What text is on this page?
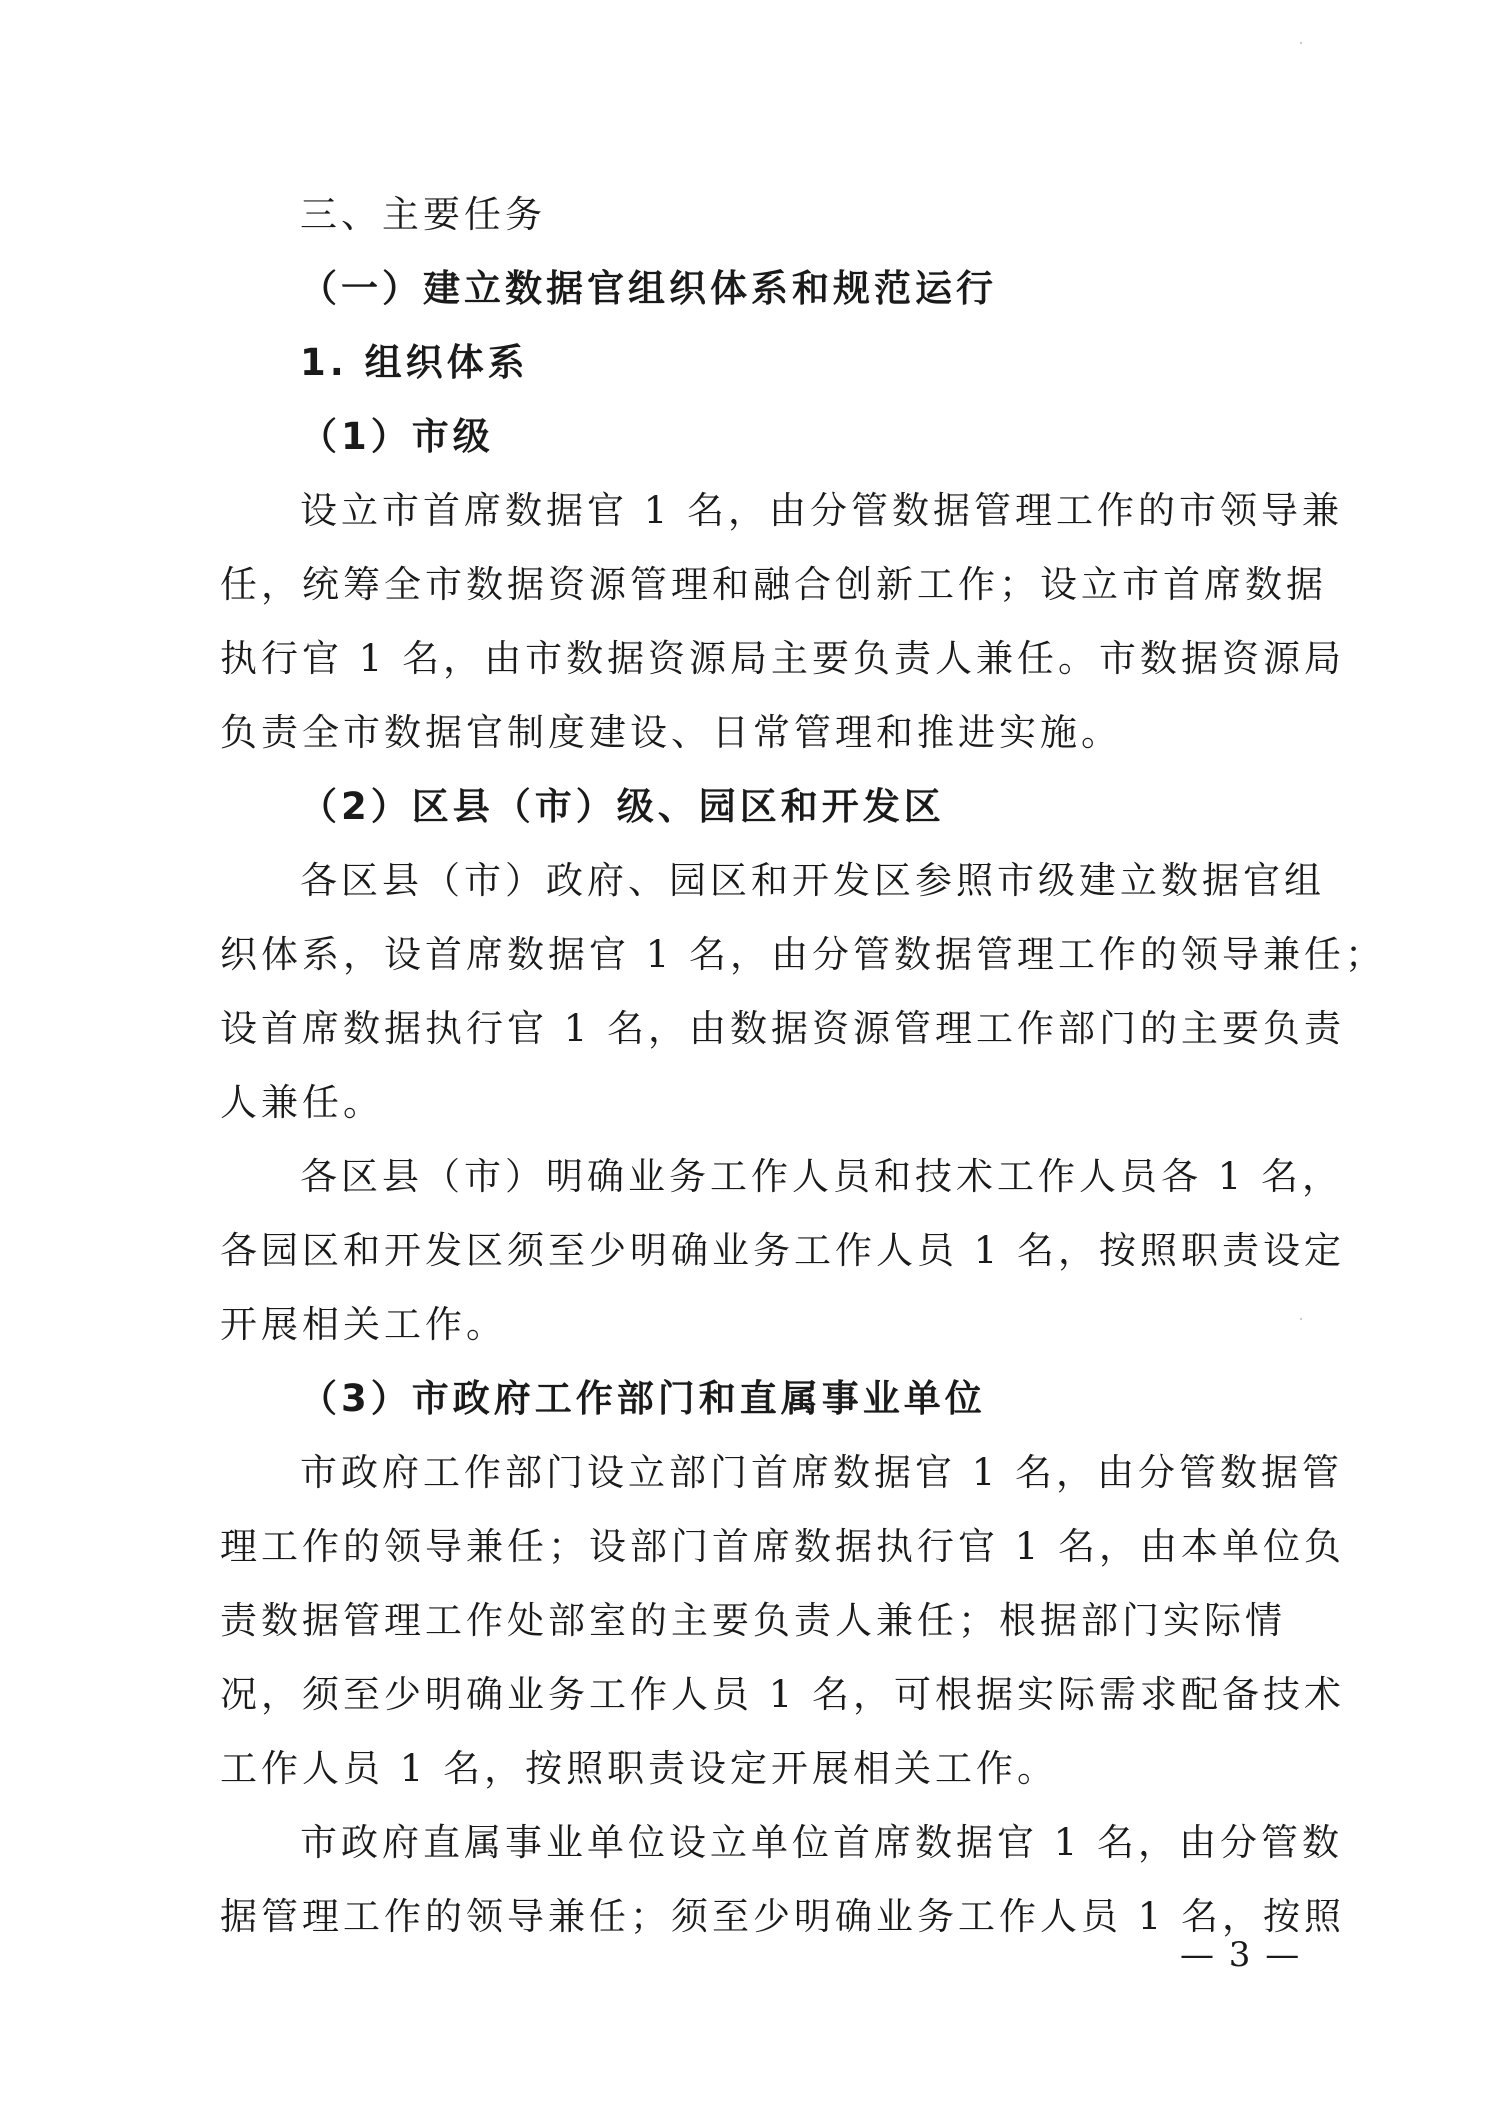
三、主要任务

（一）建立数据官组织体系和规范运行

1. 组织体系

（1）市级

设立市首席数据官 1 名，由分管数据管理工作的市领导兼
任，统筹全市数据资源管理和融合创新工作；设立市首席数据
执行官 1 名，由市数据资源局主要负责人兼任。市数据资源局
负责全市数据官制度建设、日常管理和推进实施。

（2）区县（市）级、园区和开发区

各区县（市）政府、园区和开发区参照市级建立数据官组
织体系，设首席数据官 1 名，由分管数据管理工作的领导兼任；
设首席数据执行官 1 名，由数据资源管理工作部门的主要负责
人兼任。

各区县（市）明确业务工作人员和技术工作人员各 1 名，
各园区和开发区须至少明确业务工作人员 1 名，按照职责设定
开展相关工作。

（3）市政府工作部门和直属事业单位

市政府工作部门设立部门首席数据官 1 名，由分管数据管
理工作的领导兼任；设部门首席数据执行官 1 名，由本单位负
责数据管理工作处部室的主要负责人兼任；根据部门实际情
况，须至少明确业务工作人员 1 名，可根据实际需求配备技术
工作人员 1 名，按照职责设定开展相关工作。

市政府直属事业单位设立单位首席数据官 1 名，由分管数
据管理工作的领导兼任；须至少明确业务工作人员 1 名，按照

— 3 —
